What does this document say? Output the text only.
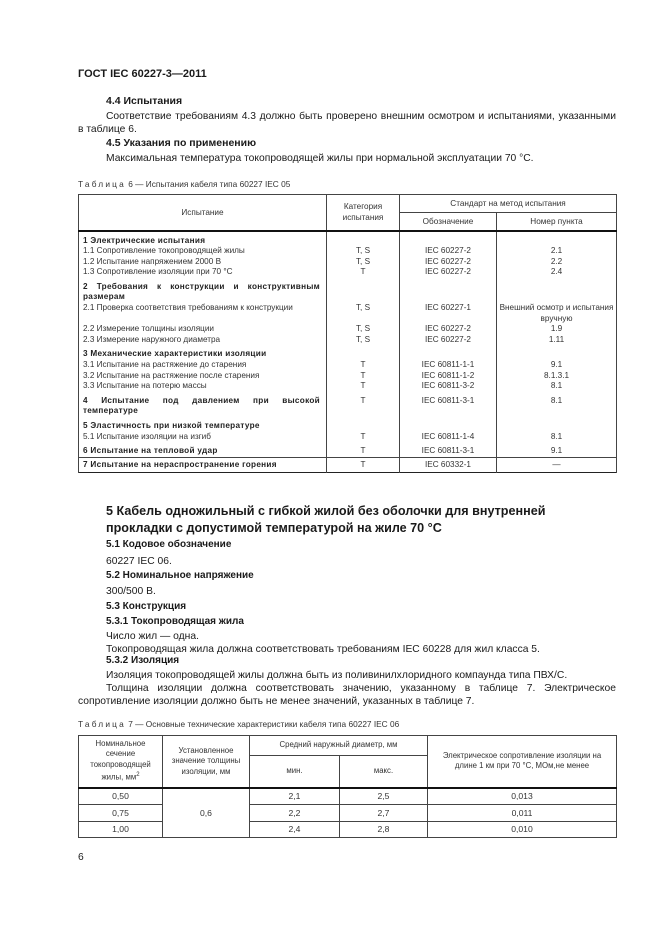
ГОСТ IEC 60227-3—2011
4.4 Испытания

Соответствие требованиям 4.3 должно быть проверено внешним осмотром и испытаниями, указанными в таблице 6.

4.5 Указания по применению

Максимальная температура токопроводящей жилы при нормальной эксплуатации 70 °С.

Таблица 6 — Испытания кабеля типа 60227 IEC 05
Испытание	Категория испытания	Стандарт на метод испытания	
		Обозначение	Номер пункта
1 Электрические испытания			
1.1 Сопротивление токопроводящей жилы	T, S	IEC 60227-2	2.1
1.2 Испытание напряжением 2000 В	T, S	IEC 60227-2	2.2
1.3 Сопротивление изоляции при 70 °С	T	IEC 60227-2	2.4
2 Требования к конструкции и конструктивным размерам			
2.1 Проверка соответствия требованиям к конструкции	T, S	IEC 60227-1	Внешний осмотр и испытания вручную
2.2 Измерение толщины изоляции	T, S	IEC 60227-2	1.9
2.3 Измерение наружного диаметра	T, S	IEC 60227-2	1.11
3 Механические характеристики изоляции			
3.1 Испытание на растяжение до старения	T	IEC 60811-1-1	9.1
3.2 Испытание на растяжение после старения	T	IEC 60811-1-2	8.1.3.1
3.3 Испытание на потерю массы	T	IEC 60811-3-2	8.1
4 Испытание под давлением при высокой температуре	T	IEC 60811-3-1	8.1
5 Эластичность при низкой температуре			
5.1 Испытание изоляции на изгиб	T	IEC 60811-1-4	8.1
6 Испытание на тепловой удар	T	IEC 60811-3-1	9.1
7 Испытание на нераспространение горения	T	IEC 60332-1	—
5 Кабель одножильный с гибкой жилой без оболочки для внутренней прокладки с допустимой температурой на жиле 70 °С
5.1 Кодовое обозначение
60227 IEC 06.
5.2 Номинальное напряжение
300/500 В.
5.3 Конструкция
5.3.1 Токопроводящая жила
Число жил — одна.
Токопроводящая жила должна соответствовать требованиям IEC 60228 для жил класса 5.
5.3.2 Изоляция
Изоляция токопроводящей жилы должна быть из поливинилхлоридного компаунда типа ПВХ/С.

Толщина изоляции должна соответствовать значению, указанному в таблице 7. Электрическое сопротивление изоляции должно быть не менее значений, указанных в таблице 7.

Таблица 7 — Основные технические характеристики кабеля типа 60227 IEC 06
Номинальное сечение токопроводящей жилы, $мм^2$	Установленное значение толщины изоляции, мм	Средний наружный диаметр, мм		Электрическое сопротивление изоляции на длине 1 км при 70 °С, МОм,не менее
		мин.	макс.	
0,50	0,6	2,1	2,5	0,013
0,75		2,2	2,7	0,011
1,00		2,4	2,8	0,010
6
